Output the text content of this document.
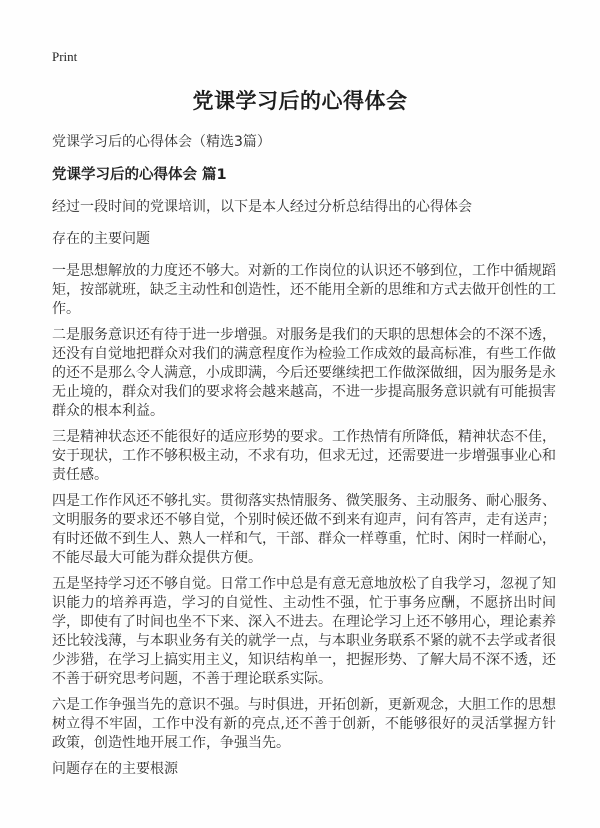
Print
党课学习后的心得体会

党课学习后的心得体会（精选3篇）

党课学习后的心得体会 篇1

经过一段时间的党课培训，以下是本人经过分析总结得出的心得体会

存在的主要问题

一是思想解放的力度还不够大。对新的工作岗位的认识还不够到位，工作中循规蹈矩，按部就班，缺乏主动性和创造性，还不能用全新的思维和方式去做开创性的工作。

二是服务意识还有待于进一步增强。对服务是我们的天职的思想体会的不深不透，还没有自觉地把群众对我们的满意程度作为检验工作成效的最高标准，有些工作做的还不是那么令人满意，小成即满，今后还要继续把工作做深做细，因为服务是永无止境的，群众对我们的要求将会越来越高，不进一步提高服务意识就有可能损害群众的根本利益。

三是精神状态还不能很好的适应形势的要求。工作热情有所降低，精神状态不佳，安于现状，工作不够积极主动，不求有功，但求无过，还需要进一步增强事业心和责任感。

四是工作作风还不够扎实。贯彻落实热情服务、微笑服务、主动服务、耐心服务、文明服务的要求还不够自觉，个别时候还做不到来有迎声，问有答声，走有送声；有时还做不到生人、熟人一样和气，干部、群众一样尊重，忙时、闲时一样耐心，不能尽最大可能为群众提供方便。

五是坚持学习还不够自觉。日常工作中总是有意无意地放松了自我学习，忽视了知识能力的培养再造，学习的自觉性、主动性不强，忙于事务应酬，不愿挤出时间学，即使有了时间也坐不下来、深入不进去。在理论学习上还不够用心，理论素养还比较浅薄，与本职业务有关的就学一点，与本职业务联系不紧的就不去学或者很少涉猎，在学习上搞实用主义，知识结构单一，把握形势、了解大局不深不透，还不善于研究思考问题，不善于理论联系实际。

六是工作争强当先的意识不强。与时俱进，开拓创新，更新观念，大胆工作的思想树立得不牢固，工作中没有新的亮点,还不善于创新，不能够很好的灵活掌握方针政策，创造性地开展工作，争强当先。

问题存在的主要根源
